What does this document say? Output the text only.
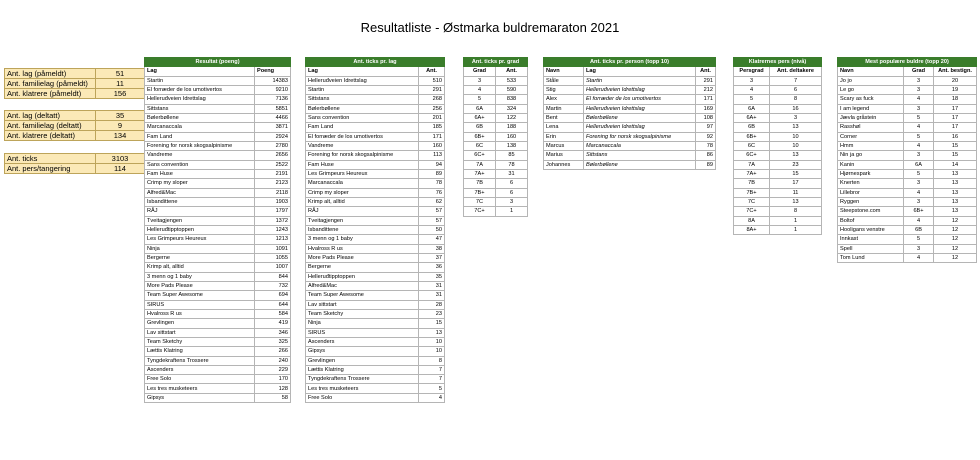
Resultatliste - Østmarka buldremaraton 2021
Ant. lag (påmeldt)	51
Ant. familielag (påmeldt)	11
Ant. klatrere (påmeldt)	156
Ant. lag (deltatt)	35
Ant. familielag (deltatt)	9
Ant. klatrere (deltatt)	134
Ant. ticks	3103
Ant. pers/tangering	114
Resultat (poeng)	
Lag	Poeng
Startin	14383
El forræder de los umotivertos	9210
Helleruđveien Idrettslag	7136
Sittstans	5851
Bølerbøllene	4466
Marcanaccala	3871
Fam Land	2924
Forening for norsk skogsalpinisme	2780
Vandreme	2656
Sans convention	2522
Fam Huse	2191
Crimp my sloper	2123
Alfred&Mac	2118
Isbandittene	1903
RÅJ	1797
Tveitagjengen	1372
Helleruđtipptoppen	1243
Les Grimpeurs Heureux	1213
Ninja	1091
Bergerne	1055
Krimp alt, alltid	1007
3 menn og 1 baby	844
More Pads Please	732
Team Super Awesome	694
SIRUS	644
Hvalross R us	584
Grevlingen	419
Lav sittstart	346
Team Sketchy	325
Lættis Klatring	266
Tyngdekraftens Trossere	240
Ascenders	229
Free Solo	170
Les tres musketeers	128
Gipsys	58
Ant. ticks pr. lag	
Lag	Ant.
Helleruđveien Idrettslag	510
Startin	291
Sittstans	268
Bølerbøllene	256
Sans convention	201
Fam Land	185
El forræder de los umotivertos	171
Vandreme	160
Forening for norsk skogsalpinisme	113
Fam Huse	94
Les Grimpeurs Heureux	89
Marcanaccala	78
Crimp my sloper	76
Krimp alt, alltid	62
RÅJ	57
Tveitagjengen	57
Isbandittene	50
3 menn og 1 baby	47
Hvalross R us	38
More Pads Please	37
Bergerne	36
Helleruđtipptoppen	35
Alfred&Mac	31
Team Super Awesome	31
Lav sittstart	28
Team Sketchy	23
Ninja	15
SIRUS	13
Ascenders	10
Gipsys	10
Grevlingen	8
Lættis Klatring	7
Tyngdekraftens Trossere	7
Les tres musketeers	5
Free Solo	4
Ant. ticks pr. grad	
Grad	Ant.
3	533
4	590
5	838
6A	324
6A+	122
6B	188
6B+	160
6C	138
6C+	85
7A	78
7A+	31
7B	6
7B+	6
7C	3
7C+	1
Ant. ticks pr. person (topp 10)		
Navn	Lag	Ant.
Ståle	Startin	291
Stig	Helleruđveien Idrettslag	212
Alex	El forræder de los umotivertos	171
Martin	Helleruđveien Idrettslag	169
Bent	Bølerbøllene	108
Lena	Helleruđveien Idrettslag	97
Erin	Forening for norsk skogsalpinisme	92
Marcus	Marcanaccala	78
Marius	Sittstans	86
Johannes	Bølerbøllene	89
Klatrernes pers (nivå)	
Persgrad	Ant. deltakere
3	7
4	6
5	8
6A	16
6A+	3
6B	13
6B+	10
6C	10
6C+	13
7A	23
7A+	15
7B	17
7B+	11
7C	13
7C+	8
8A	1
8A+	1
Mest populære buldre (topp 20)		
Navn	Grad	Ant. bestign.
Jo jo	3	20
Le go	3	19
Scary as fuck	4	18
I am legend	3	17
Jævla gråstein	5	17
Rasshøl	4	17
Corner	5	16
Hmm	4	15
Nin ja go	3	15
Kanin	6A	14
Hjørnespark	5	13
Knerten	3	13
Lillebror	4	13
Ryggen	3	13
Steepstone.com	6B+	13
Boltof	4	12
Hooligans venstre	6B	12
Innkast	5	12
Spell	3	12
Tom Lund	4	12
